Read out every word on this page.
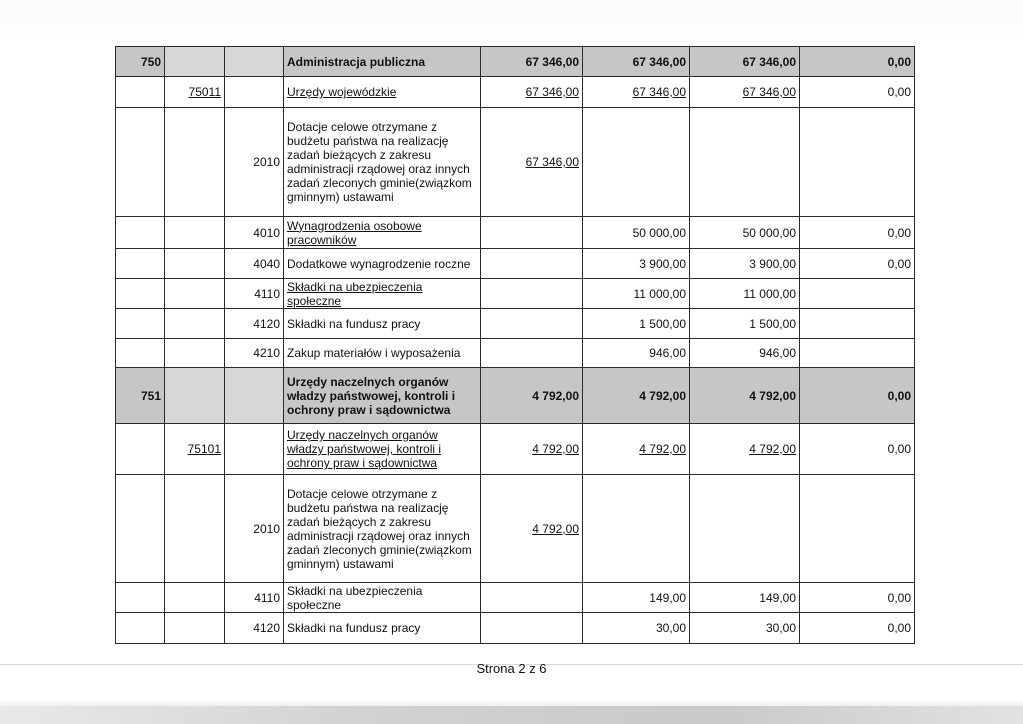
750			Administracja publiczna	67 346,00	67 346,00	67 346,00	0,00
	75011		Urzędy wojewódzkie	67 346,00	67 346,00	67 346,00	0,00
		2010	Dotacje celowe otrzymane z budżetu państwa na realizację zadań bieżących z zakresu administracji rządowej oraz innych zadań zleconych gminie(związkom gminnym) ustawami	67 346,00			
		4010	Wynagrodzenia osobowe pracowników		50 000,00	50 000,00	0,00
		4040	Dodatkowe wynagrodzenie roczne		3 900,00	3 900,00	0,00
		4110	Składki na ubezpieczenia społeczne		11 000,00	11 000,00	
		4120	Składki na fundusz pracy		1 500,00	1 500,00	
		4210	Zakup materiałów i wyposażenia		946,00	946,00	
751			Urzędy naczelnych organów władzy państwowej, kontroli i ochrony praw i sądownictwa	4 792,00	4 792,00	4 792,00	0,00
	75101		Urzędy naczelnych organów władzy państwowej, kontroli i ochrony praw i sądownictwa	4 792,00	4 792,00	4 792,00	0,00
		2010	Dotacje celowe otrzymane z budżetu państwa na realizację zadań bieżących z zakresu administracji rządowej oraz innych zadań zleconych gminie(związkom gminnym) ustawami	4 792,00			
		4110	Składki na ubezpieczenia społeczne		149,00	149,00	0,00
		4120	Składki na fundusz pracy		30,00	30,00	0,00
Strona 2 z 6
